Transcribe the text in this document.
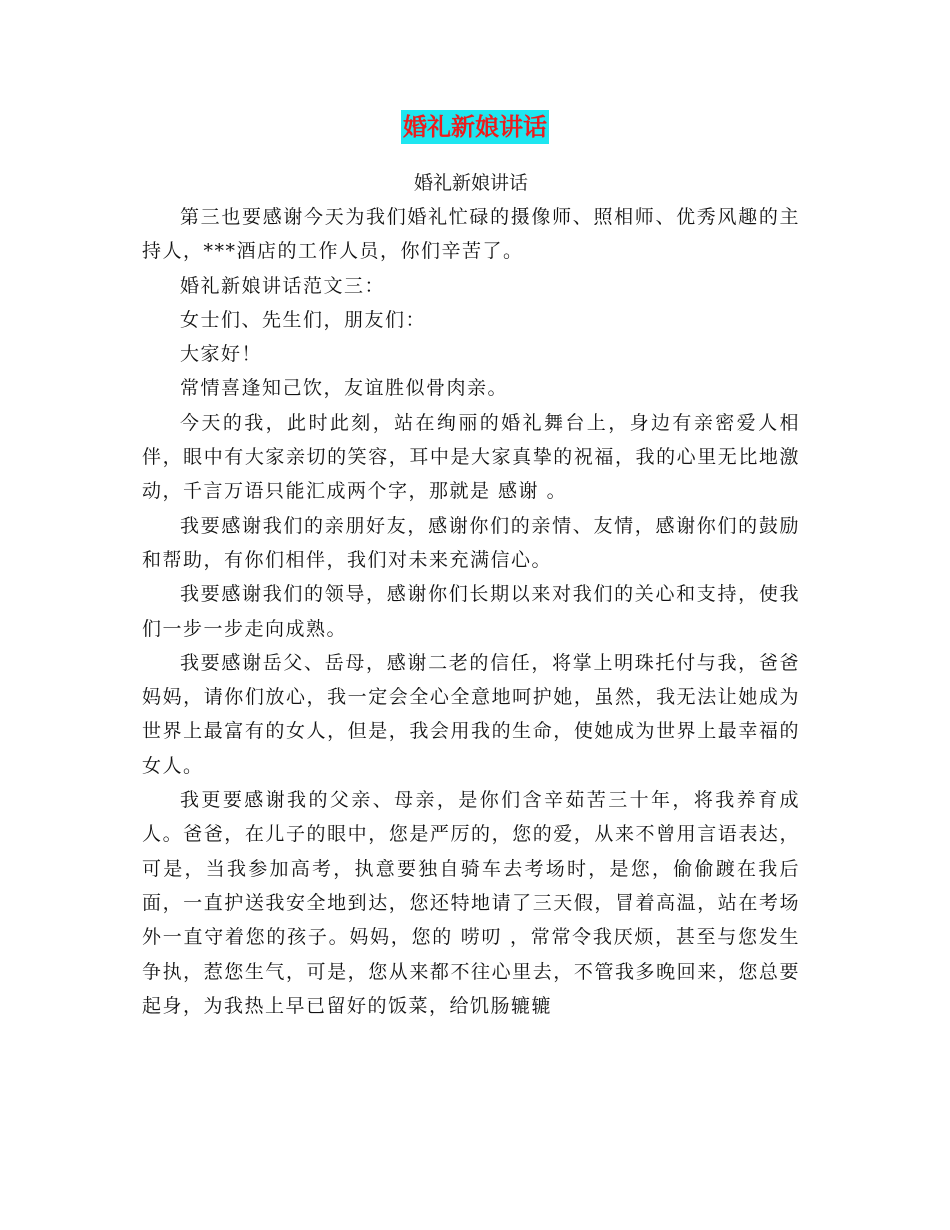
婚礼新娘讲话

婚礼新娘讲话

第三也要感谢今天为我们婚礼忙碌的摄像师、照相师、优秀风趣的主持人，***酒店的工作人员，你们辛苦了。

婚礼新娘讲话范文三：

女士们、先生们，朋友们：

大家好！

常情喜逢知己饮，友谊胜似骨肉亲。

今天的我，此时此刻，站在绚丽的婚礼舞台上，身边有亲密爱人相伴，眼中有大家亲切的笑容，耳中是大家真挚的祝福，我的心里无比地激动，千言万语只能汇成两个字，那就是 感谢 。

我要感谢我们的亲朋好友，感谢你们的亲情、友情，感谢你们的鼓励和帮助，有你们相伴，我们对未来充满信心。

我要感谢我们的领导，感谢你们长期以来对我们的关心和支持，使我们一步一步走向成熟。

我要感谢岳父、岳母，感谢二老的信任，将掌上明珠托付与我，爸爸妈妈，请你们放心，我一定会全心全意地呵护她，虽然，我无法让她成为世界上最富有的女人，但是，我会用我的生命，使她成为世界上最幸福的女人。

我更要感谢我的父亲、母亲，是你们含辛茹苦三十年，将我养育成人。爸爸，在儿子的眼中，您是严厉的，您的爱，从来不曾用言语表达，可是，当我参加高考，执意要独自骑车去考场时，是您，偷偷踱在我后面，一直护送我安全地到达，您还特地请了三天假，冒着高温，站在考场外一直守着您的孩子。妈妈，您的 唠叨 ，常常令我厌烦，甚至与您发生争执，惹您生气，可是，您从来都不往心里去，不管我多晚回来，您总要起身，为我热上早已留好的饭菜，给饥肠辘辘
